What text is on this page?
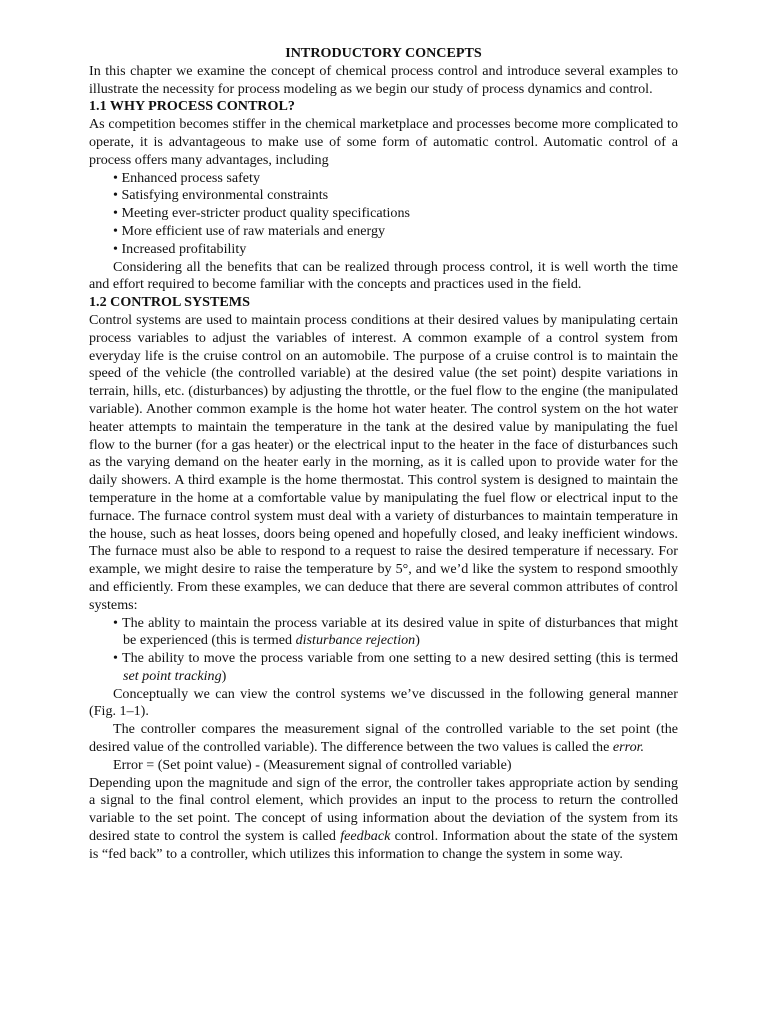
INTRODUCTORY CONCEPTS

In this chapter we examine the concept of chemical process control and introduce several examples to illustrate the necessity for process modeling as we begin our study of process dynamics and control.

1.1 WHY PROCESS CONTROL?

As competition becomes stiffer in the chemical marketplace and processes become more complicated to operate, it is advantageous to make use of some form of automatic control. Automatic control of a process offers many advantages, including

• Enhanced process safety
• Satisfying environmental constraints
• Meeting ever-stricter product quality specifications
• More efficient use of raw materials and energy
• Increased profitability

Considering all the benefits that can be realized through process control, it is well worth the time and effort required to become familiar with the concepts and practices used in the field.

1.2 CONTROL SYSTEMS

Control systems are used to maintain process conditions at their desired values by manipulating certain process variables to adjust the variables of interest. A common example of a control system from everyday life is the cruise control on an automobile. The purpose of a cruise control is to maintain the speed of the vehicle (the controlled variable) at the desired value (the set point) despite variations in terrain, hills, etc. (disturbances) by adjusting the throttle, or the fuel flow to the engine (the manipulated variable). Another common example is the home hot water heater. The control system on the hot water heater attempts to maintain the temperature in the tank at the desired value by manipulating the fuel flow to the burner (for a gas heater) or the electrical input to the heater in the face of disturbances such as the varying demand on the heater early in the morning, as it is called upon to provide water for the daily showers. A third example is the home thermostat. This control system is designed to maintain the temperature in the home at a comfortable value by manipulating the fuel flow or electrical input to the furnace. The furnace control system must deal with a variety of disturbances to maintain temperature in the house, such as heat losses, doors being opened and hopefully closed, and leaky inefficient windows. The furnace must also be able to respond to a request to raise the desired temperature if necessary. For example, we might desire to raise the temperature by 5°, and we’d like the system to respond smoothly and efficiently. From these examples, we can deduce that there are several common attributes of control systems:

• The ablity to maintain the process variable at its desired value in spite of disturbances that might be experienced (this is termed disturbance rejection)
• The ability to move the process variable from one setting to a new desired setting (this is termed set point tracking)

Conceptually we can view the control systems we’ve discussed in the following general manner (Fig. 1–1).

The controller compares the measurement signal of the controlled variable to the set point (the desired value of the controlled variable). The difference between the two values is called the error.

Error = (Set point value) - (Measurement signal of controlled variable)

Depending upon the magnitude and sign of the error, the controller takes appropriate action by sending a signal to the final control element, which provides an input to the process to return the controlled variable to the set point. The concept of using information about the deviation of the system from its desired state to control the system is called feedback control. Information about the state of the system is “fed back” to a controller, which utilizes this information to change the system in some way.
